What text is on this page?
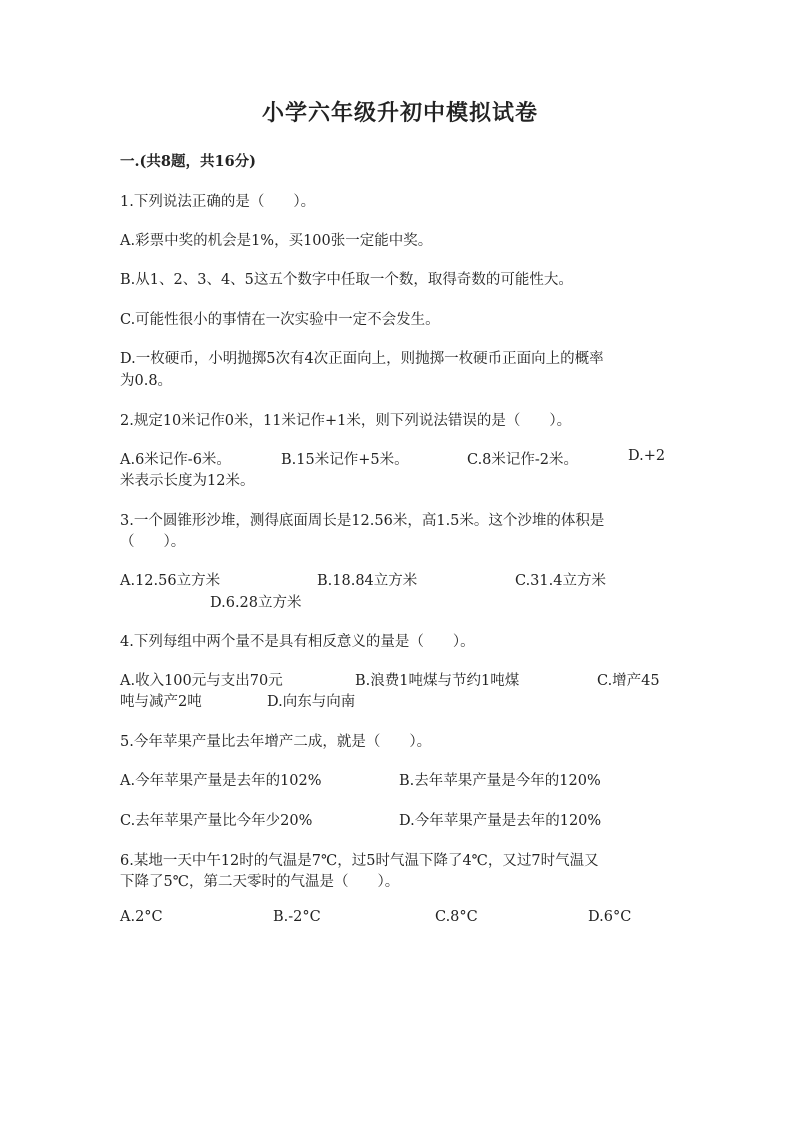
小学六年级升初中模拟试卷
一.(共8题，共16分)
1.下列说法正确的是（　　）。
A.彩票中奖的机会是1%，买100张一定能中奖。
B.从1、2、3、4、5这五个数字中任取一个数，取得奇数的可能性大。
C.可能性很小的事情在一次实验中一定不会发生。
D.一枚硬币，小明抛掷5次有4次正面向上，则抛掷一枚硬币正面向上的概率
为0.8。
2.规定10米记作0米，11米记作+1米，则下列说法错误的是（　　）。
A.6米记作-6米。	B.15米记作+5米。	C.8米记作-2米。	D.+2
米表示长度为12米。
3.一个圆锥形沙堆，测得底面周长是12.56米，高1.5米。这个沙堆的体积是
（　　）。
A.12.56立方米	B.18.84立方米	C.31.4立方米
D.6.28立方米
4.下列每组中两个量不是具有相反意义的量是（　　）。
A.收入100元与支出70元	B.浪费1吨煤与节约1吨煤	C.增产45
吨与减产2吨	D.向东与向南
5.今年苹果产量比去年增产二成，就是（　　）。
A.今年苹果产量是去年的102%	B.去年苹果产量是今年的120%
C.去年苹果产量比今年少20%	D.今年苹果产量是去年的120%
6.某地一天中午12时的气温是7℃，过5时气温下降了4℃，又过7时气温又
下降了5℃，第二天零时的气温是（　　）。
A.2°C	B.-2°C	C.8°C	D.6°C
